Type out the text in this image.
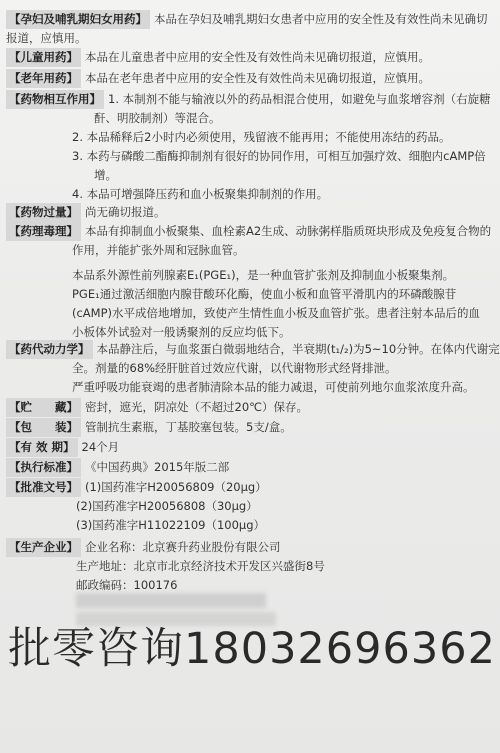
【孕妇及哺乳期妇女用药】 本品在孕妇及哺乳期妇女患者中应用的安全性及有效性尚未见确切报道，应慎用。
【儿童用药】 本品在儿童患者中应用的安全性及有效性尚未见确切报道，应慎用。
【老年用药】 本品在老年患者中应用的安全性及有效性尚未见确切报道，应慎用。
【药物相互作用】 1. 本制剂不能与输液以外的药品相混合使用，如避免与血浆增容剂（右旋糖
酐、明胶制剂）等混合。
2. 本品稀释后2小时内必须使用，残留液不能再用；不能使用冻结的药品。
3. 本药与磷酸二酯酶抑制剂有很好的协同作用，可相互加强疗效、细胞内cAMP倍
增。
4. 本品可增强降压药和血小板聚集抑制剂的作用。
【药物过量】 尚无确切报道。
【药理毒理】 本品有抑制血小板聚集、血栓素A2生成、动脉粥样脂质斑块形成及免疫复合物的
作用，并能扩张外周和冠脉血管。
本品系外源性前列腺素E₁(PGE₁)，是一种血管扩张剂及抑制血小板聚集剂。
PGE₁通过激活细胞内腺苷酸环化酶，使血小板和血管平滑肌内的环磷酸腺苷
(cAMP)水平成倍地增加，致使产生情性血小板及血管扩张。患者注射本品后的血
小板体外试验对一般诱聚剂的反应均低下。
【药代动力学】 本品静注后，与血浆蛋白微弱地结合，半衰期(t₁/₂)为5~10分钟。在体内代谢完
全。剂量的68%经肝脏首过效应代谢，以代谢物形式经肾排泄。
严重呼吸功能衰竭的患者肺清除本品的能力减退，可使前列地尔血浆浓度升高。
【贮　　藏】 密封，遮光，阴凉处（不超过20℃）保存。
【包　　装】 管制抗生素瓶，丁基胶塞包装。5支/盒。
【有 效 期】 24个月
【执行标准】 《中国药典》2015年版二部
【批准文号】 (1)国药准字H20056809（20μg）
(2)国药准字H20056808（30μg）
(3)国药准字H11022109（100μg）
【生产企业】 企业名称：北京赛升药业股份有限公司
生产地址：北京市北京经济技术开发区兴盛街8号
邮政编码：100176
批零咨询18032696362
